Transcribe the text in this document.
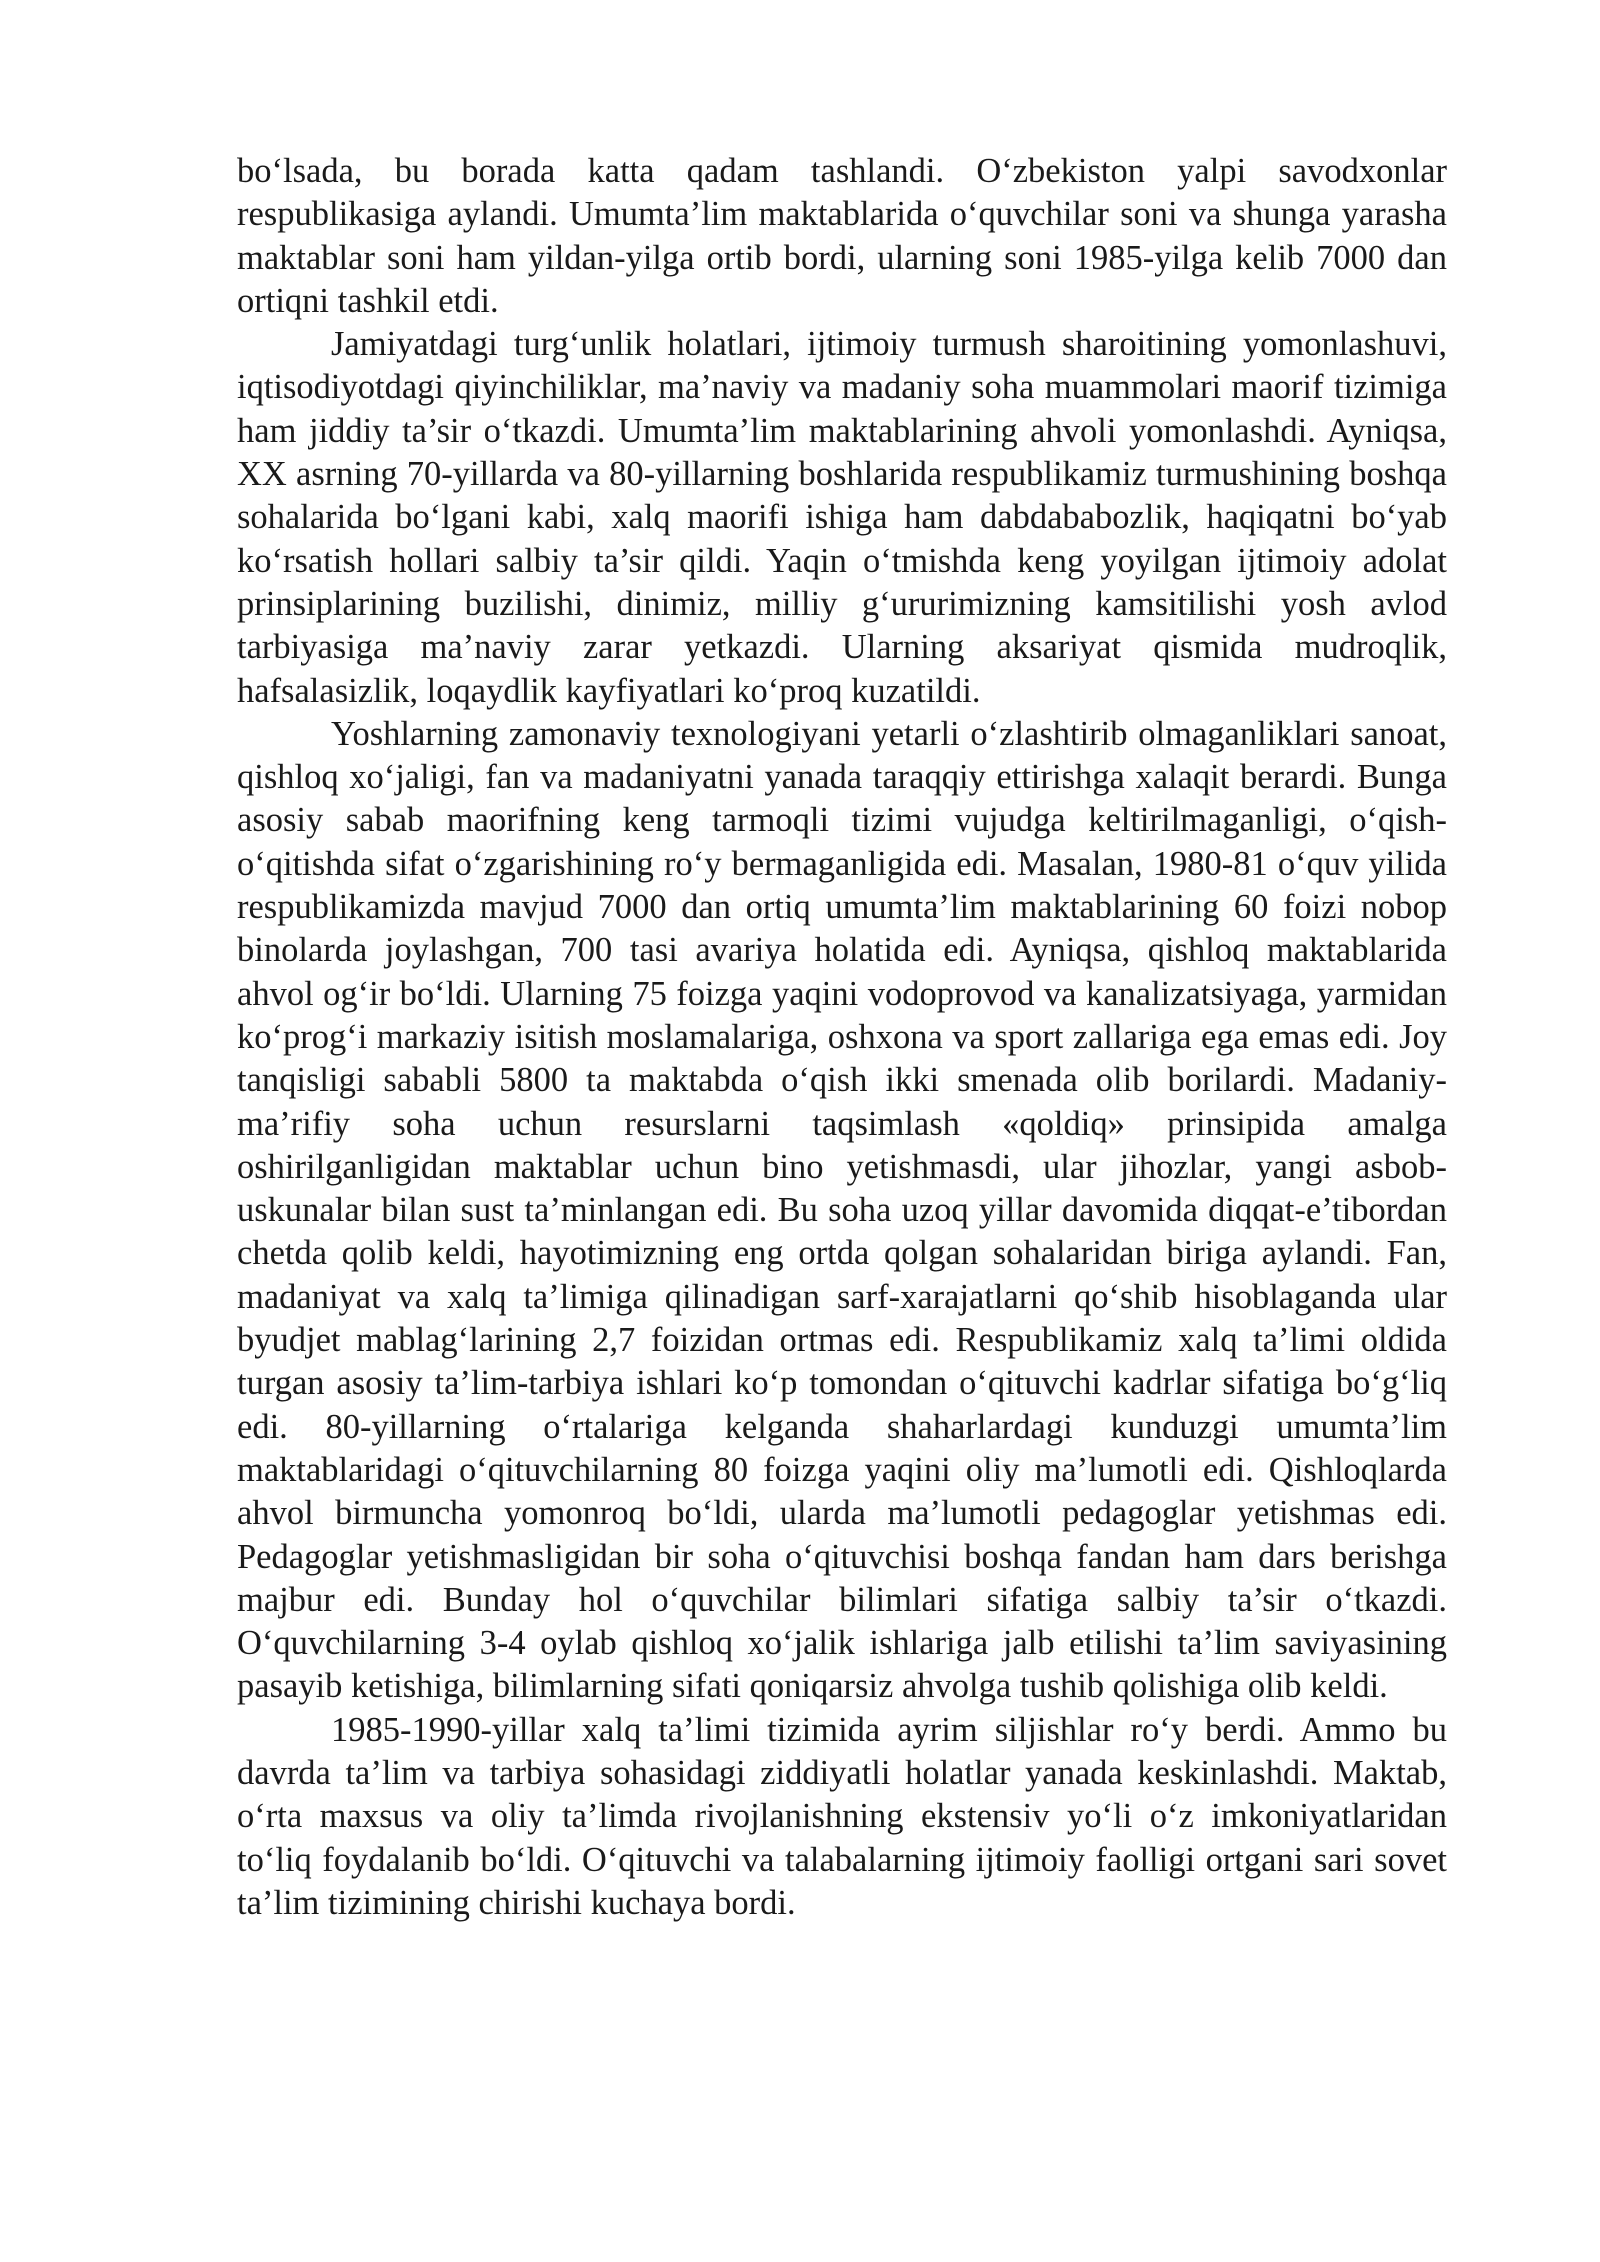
bo‘lsada, bu borada katta qadam tashlandi. O‘zbekiston yalpi savodxonlar respublikasiga aylandi. Umumta’lim maktablarida o‘quvchilar soni va shunga yarasha maktablar soni ham yildan-yilga ortib bordi, ularning soni 1985-yilga kelib 7000 dan ortiqni tashkil etdi.

Jamiyatdagi turg‘unlik holatlari, ijtimoiy turmush sharoitining yomonlashuvi, iqtisodiyotdagi qiyinchiliklar, ma’naviy va madaniy soha muammolari maorif tizimiga ham jiddiy ta’sir o‘tkazdi. Umumta’lim maktablarining ahvoli yomonlashdi. Ayniqsa, XX asrning 70-yillarda va 80-yillarning boshlarida respublikamiz turmushining boshqa sohalarida bo‘lgani kabi, xalq maorifi ishiga ham dabdababozlik, haqiqatni bo‘yab ko‘rsatish hollari salbiy ta’sir qildi. Yaqin o‘tmishda keng yoyilgan ijtimoiy adolat prinsiplarining buzilishi, dinimiz, milliy g‘ururimizning kamsitilishi yosh avlod tarbiyasiga ma’naviy zarar yetkazdi. Ularning aksariyat qismida mudroqlik, hafsalasizlik, loqaydlik kayfiyatlari ko‘proq kuzatildi.

Yoshlarning zamonaviy texnologiyani yetarli o‘zlashtirib olmaganliklari sanoat, qishloq xo‘jaligi, fan va madaniyatni yanada taraqqiy ettirishga xalaqit berardi. Bunga asosiy sabab maorifning keng tarmoqli tizimi vujudga keltirilmaganligi, o‘qish-o‘qitishda sifat o‘zgarishining ro‘y bermaganligida edi. Masalan, 1980-81 o‘quv yilida respublikamizda mavjud 7000 dan ortiq umumta’lim maktablarining 60 foizi nobop binolarda joylashgan, 700 tasi avariya holatida edi. Ayniqsa, qishloq maktablarida ahvol og‘ir bo‘ldi. Ularning 75 foizga yaqini vodoprovod va kanalizatsiyaga, yarmidan ko‘prog‘i markaziy isitish moslamalariga, oshxona va sport zallariga ega emas edi. Joy tanqisligi sababli 5800 ta maktabda o‘qish ikki smenada olib borilardi. Madaniy-ma’rifiy soha uchun resurslarni taqsimlash «qoldiq» prinsipida amalga oshirilganligidan maktablar uchun bino yetishmasdi, ular jihozlar, yangi asbob-uskunalar bilan sust ta’minlangan edi. Bu soha uzoq yillar davomida diqqat-e’tibordan chetda qolib keldi, hayotimizning eng ortda qolgan sohalaridan biriga aylandi. Fan, madaniyat va xalq ta’limiga qilinadigan sarf-xarajatlarni qo‘shib hisoblaganda ular byudjet mablag‘larining 2,7 foizidan ortmas edi. Respublikamiz xalq ta’limi oldida turgan asosiy ta’lim-tarbiya ishlari ko‘p tomondan o‘qituvchi kadrlar sifatiga bo‘g‘liq edi. 80-yillarning o‘rtalariga kelganda shaharlardagi kunduzgi umumta’lim maktablaridagi o‘qituvchilarning 80 foizga yaqini oliy ma’lumotli edi. Qishloqlarda ahvol birmuncha yomonroq bo‘ldi, ularda ma’lumotli pedagoglar yetishmas edi. Pedagoglar yetishmasligidan bir soha o‘qituvchisi boshqa fandan ham dars berishga majbur edi. Bunday hol o‘quvchilar bilimlari sifatiga salbiy ta’sir o‘tkazdi. O‘quvchilarning 3-4 oylab qishloq xo‘jalik ishlariga jalb etilishi ta’lim saviyasining pasayib ketishiga, bilimlarning sifati qoniqarsiz ahvolga tushib qolishiga olib keldi.

1985-1990-yillar xalq ta’limi tizimida ayrim siljishlar ro‘y berdi. Ammo bu davrda ta’lim va tarbiya sohasidagi ziddiyatli holatlar yanada keskinlashdi. Maktab, o‘rta maxsus va oliy ta’limda rivojlanishning ekstensiv yo‘li o‘z imkoniyatlaridan to‘liq foydalanib bo‘ldi. O‘qituvchi va talabalarning ijtimoiy faolligi ortgani sari sovet ta’lim tizimining chirishi kuchaya bordi.
